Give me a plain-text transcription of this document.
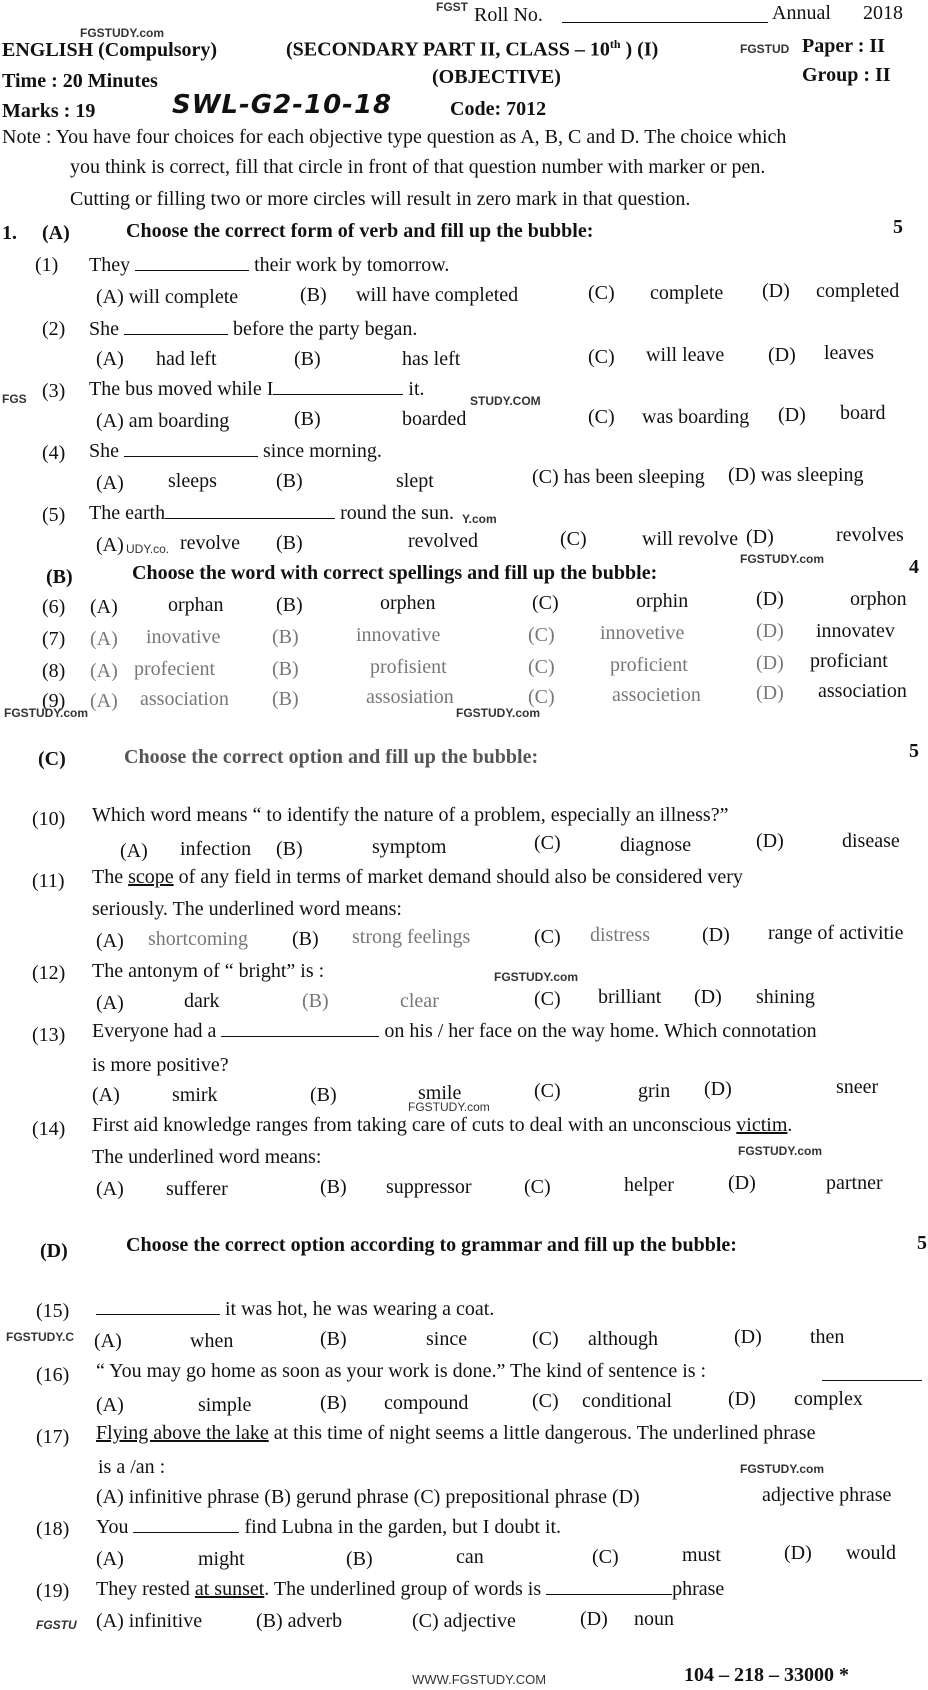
FGST Roll No.	Annual 2018
FGSTUDY.com
ENGLISH (Compulsory)	(SECONDARY PART II, CLASS – 10th ) (I)	FGSTUD Paper : II
Time : 20 Minutes	(OBJECTIVE)	Group : II
Marks : 19	SWL-G2-10-18	Code: 7012
Note : You have four choices for each objective type question as A, B, C and D. The choice which
you think is correct, fill that circle in front of that question number with marker or pen.
Cutting or filling two or more circles will result in zero mark in that question.
1. (A)	Choose the correct form of verb and fill up the bubble:	5
(1) They	their work by tomorrow.
(A) will complete	(B) will have completed	(C) complete (D) completed
(2) She	before the party began.
(A) had left	(B)	has left	(C) will leave (D) leaves
FGS (3) The bus moved while I	it.
STUDY.COM
(A) am boarding	(B)	boarded	(C) was boarding (D) board
(4) She	since morning.
(A) sleeps	(B)	slept	(C) has been sleeping (D) was sleeping
(5) The earth	round the sun. Y.com
(A) UDY.co. revolve (B)	revolved	(C)	will revolve (D)	revolves
(B)	Choose the word with correct spellings and fill up the bubble:
FGSTUDY.com	4
(6) (A)	orphan	(B)	orphen	(C)	orphin	(D)	orphon
(7) (A) inovative	(B)	innovative	(C) innovetive	(D) innovatev
(8) (A) profecient	(B)	profisient	(C)	proficient	(D) proficiant
(9) (A) association (B)	assosiation	(C)	associetion	(D) association
FGSTUDY.com	FGSTUDY.com
(C)	Choose the correct option and fill up the bubble:	5
(10) Which word means “ to identify the nature of a problem, especially an illness?”
(A) infection (B)	symptom	(C)	diagnose	(D)	disease
(11) The scope of any field in terms of market demand should also be considered very
seriously. The underlined word means:
(A) shortcoming (B) strong feelings	(C) distress	(D) range of activitie
(12) The antonym of “ bright” is :	FGSTUDY.com
(A)	dark	(B)	clear	(C) brilliant (D) shining
(13) Everyone had a	on his / her face on the way home. Which connotation
is more positive?
(A)	smirk	(B)	smile	(C)	grin (D)	sneer
FGSTUDY.com
(14) First aid knowledge ranges from taking care of cuts to deal with an unconscious victim.
The underlined word means:	FGSTUDY.com
(A) sufferer	(B) suppressor	(C)	helper	(D)	partner
(D)	Choose the correct option according to grammar and fill up the bubble:	5
(15)	it was hot, he was wearing a coat.
FGSTUDY.C (A)	when	(B)	since	(C) although	(D) then
(16) “ You may go home as soon as your work is done.” The kind of sentence is :
(A)	simple	(B) compound	(C) conditional	(D) complex
(17) Flying above the lake at this time of night seems a little dangerous. The underlined phrase
is a /an :	FGSTUDY.com
(A) infinitive phrase (B) gerund phrase (C) prepositional phrase (D)	adjective phrase
(18) You	find Lubna in the garden, but I doubt it.
(A)	might	(B)	can	(C)	must	(D) would
(19) They rested at sunset. The underlined group of words is	phrase
FGSTU (A) infinitive	(B) adverb	(C) adjective	(D) noun
104 – 218 – 33000 *
WWW.FGSTUDY.COM
